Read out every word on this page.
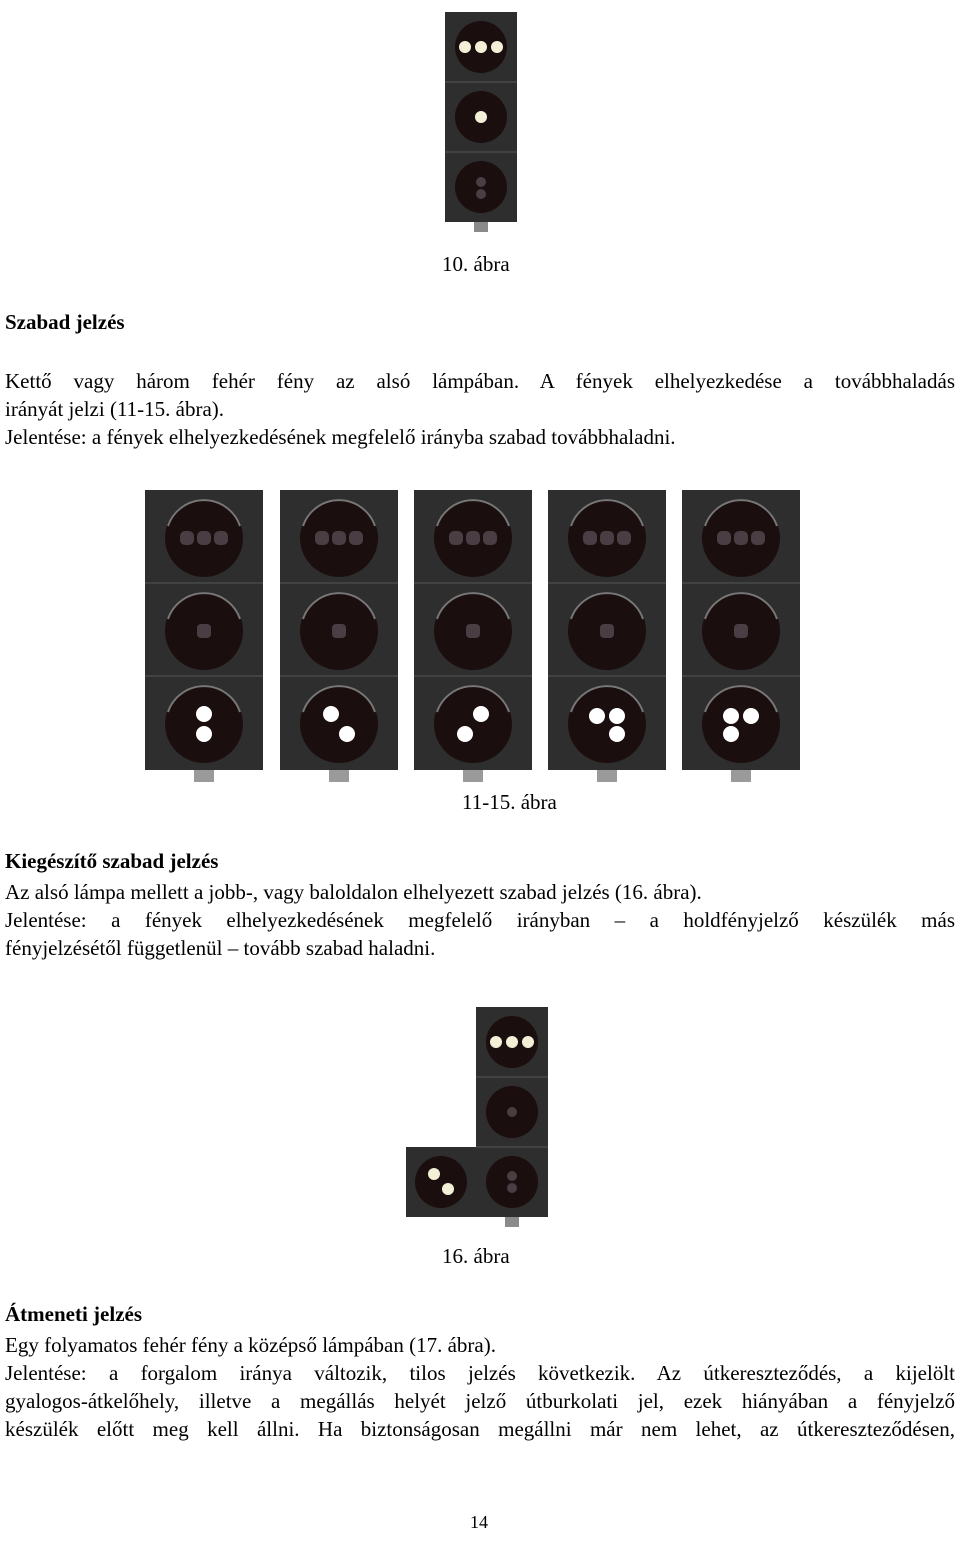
10. ábra
Szabad jelzés
Kettő vagy három fehér fény az alsó lámpában. A fények elhelyezkedése a továbbhaladás
irányát jelzi (11-15. ábra).
Jelentése: a fények elhelyezkedésének megfelelő irányba szabad továbbhaladni.
11-15. ábra
Kiegészítő szabad jelzés
Az alsó lámpa mellett a jobb-, vagy baloldalon elhelyezett szabad jelzés (16. ábra).
Jelentése: a fények elhelyezkedésének megfelelő irányban – a holdfényjelző készülék más
fényjelzésétől függetlenül – tovább szabad haladni.
16. ábra
Átmeneti jelzés
Egy folyamatos fehér fény a középső lámpában (17. ábra).
Jelentése: a forgalom iránya változik, tilos jelzés következik. Az útkereszteződés, a kijelölt
gyalogos-átkelőhely, illetve a megállás helyét jelző útburkolati jel, ezek hiányában a fényjelző
készülék előtt meg kell állni. Ha biztonságosan megállni már nem lehet, az útkereszteződésen,
14
